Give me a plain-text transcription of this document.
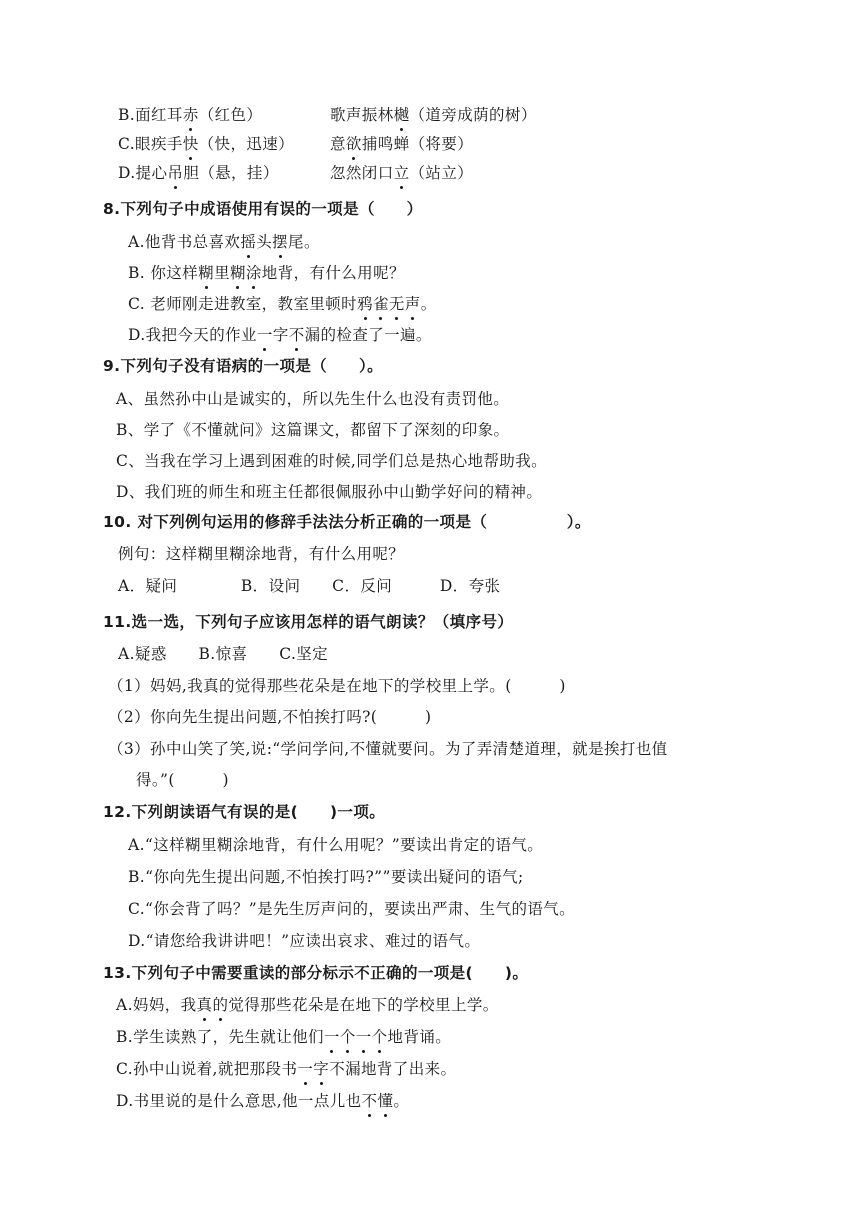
B.面红耳赤（红色）	歌声振林樾（道旁成荫的树）
C.眼疾手快（快，迅速） 意欲捕鸣蝉（将要）
D.提心吊胆（悬，挂）	忽然闭口立（站立）
8.下列句子中成语使用有误的一项是（　　）
A.他背书总喜欢摇头摆尾。
B. 你这样糊里糊涂地背，有什么用呢？
C. 老师刚走进教室，教室里顿时鸦雀无声。
D.我把今天的作业一字不漏的检查了一遍。
9.下列句子没有语病的一项是（　　）。
A、虽然孙中山是诚实的，所以先生什么也没有责罚他。
B、学了《不懂就问》这篇课文，都留下了深刻的印象。
C、当我在学习上遇到困难的时候,同学们总是热心地帮助我。
D、我们班的师生和班主任都很佩服孙中山勤学好问的精神。
10. 对下列例句运用的修辞手法法分析正确的一项是（　　　　　）。
例句：这样糊里糊涂地背，有什么用呢？
A．疑问　　　　B．设问　　C．反问　　　D．夸张
11.选一选，下列句子应该用怎样的语气朗读？（填序号）
A.疑惑　　B.惊喜　　C.坚定
（1）妈妈,我真的觉得那些花朵是在地下的学校里上学。(　　　)
（2）你向先生提出问题,不怕挨打吗?(　　　)
（3）孙中山笑了笑,说:“学问学问,不懂就要问。为了弄清楚道理，就是挨打也值
得。”(　　　)
12.下列朗读语气有误的是(　　)一项。
A.“这样糊里糊涂地背，有什么用呢？”要读出肯定的语气。
B.“你向先生提出问题,不怕挨打吗?””要读出疑问的语气;
C.“你会背了吗？”是先生厉声问的，要读出严肃、生气的语气。
D.“请您给我讲讲吧！”应读出哀求、难过的语气。
13.下列句子中需要重读的部分标示不正确的一项是(　　)。
A.妈妈，我真的觉得那些花朵是在地下的学校里上学。
B.学生读熟了，先生就让他们一个一个地背诵。
C.孙中山说着,就把那段书一字不漏地背了出来。
D.书里说的是什么意思,他一点儿也不懂。
